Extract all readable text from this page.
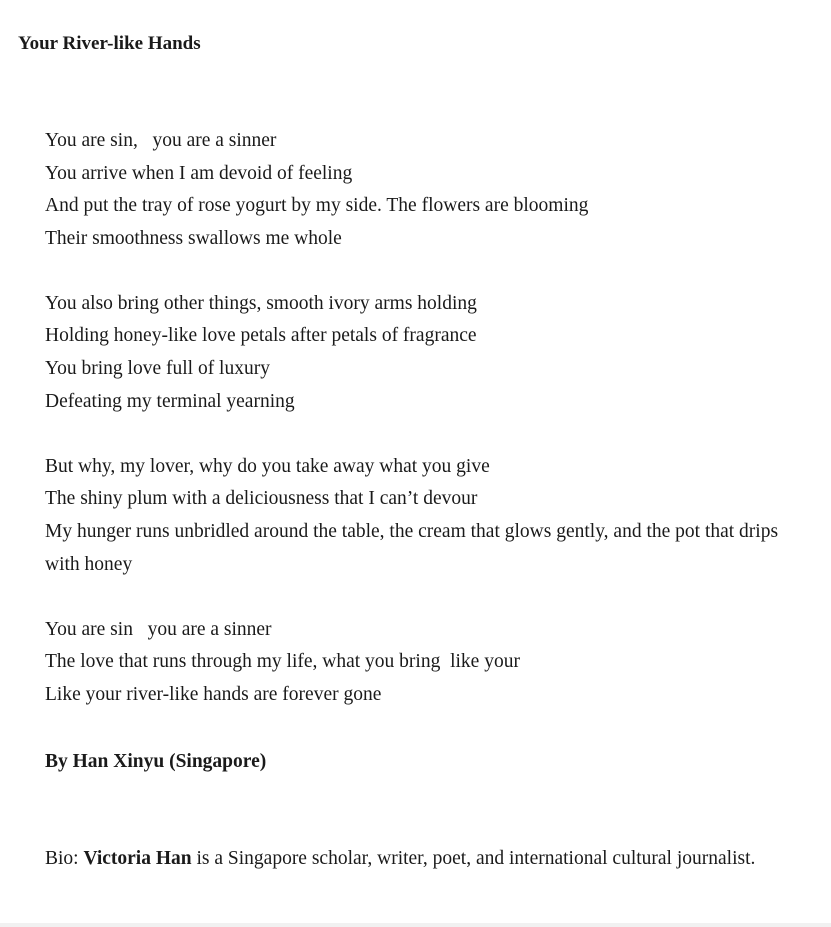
Your River-like Hands
You are sin,   you are a sinner
You arrive when I am devoid of feeling
And put the tray of rose yogurt by my side. The flowers are blooming
Their smoothness swallows me whole
You also bring other things, smooth ivory arms holding
Holding honey-like love petals after petals of fragrance
You bring love full of luxury
Defeating my terminal yearning
But why, my lover, why do you take away what you give
The shiny plum with a deliciousness that I can’t devour
My hunger runs unbridled around the table, the cream that glows gently, and the pot that drips with honey
You are sin   you are a sinner
The love that runs through my life, what you bring  like your
Like your river-like hands are forever gone

By Han Xinyu (Singapore)

Bio: Victoria Han is a Singapore scholar, writer, poet, and international cultural journalist.
